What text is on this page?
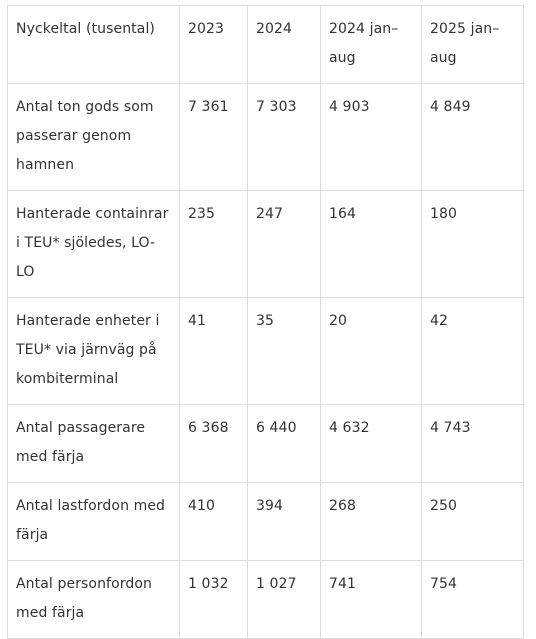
Nyckeltal (tusental)	2023	2024	2024 jan–aug	2025 jan–aug
Antal ton gods som passerar genom hamnen	7 361	7 303	4 903	4 849
Hanterade containrar i TEU* sjöledes, LO-LO	235	247	164	180
Hanterade enheter i TEU* via järnväg på kombiterminal	41	35	20	42
Antal passagerare med färja	6 368	6 440	4 632	4 743
Antal lastfordon med färja	410	394	268	250
Antal personfordon med färja	1 032	1 027	741	754
